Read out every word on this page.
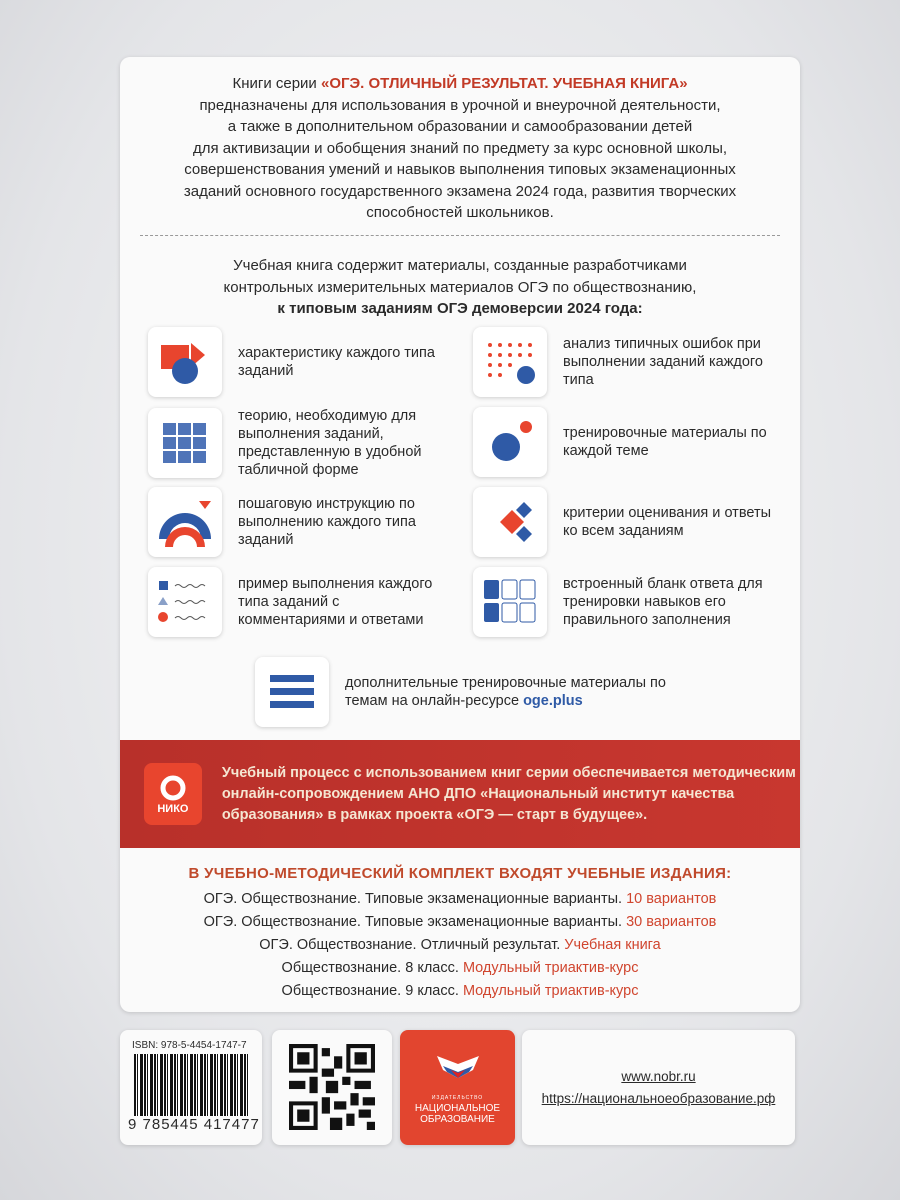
Книги серии «ОГЭ. ОТЛИЧНЫЙ РЕЗУЛЬТАТ. УЧЕБНАЯ КНИГА»
предназначены для использования в урочной и внеурочной деятельности,
а также в дополнительном образовании и самообразовании детей
для активизации и обобщения знаний по предмету за курс основной школы,
совершенствования умений и навыков выполнения типовых экзаменационных
заданий основного государственного экзамена 2024 года, развития творческих
способностей школьников.
Учебная книга содержит материалы, созданные разработчиками
контрольных измерительных материалов ОГЭ по обществознанию,
к типовым заданиям ОГЭ демоверсии 2024 года:
характеристику каждого типа заданий
анализ типичных ошибок при выполнении заданий каждого типа
теорию, необходимую для выполнения заданий, представленную в удобной табличной форме
тренировочные материалы по каждой теме
пошаговую инструкцию по выполнению каждого типа заданий
критерии оценивания и ответы ко всем заданиям
пример выполнения каждого типа заданий с комментариями и ответами
встроенный бланк ответа для тренировки навыков его правильного заполнения
дополнительные тренировочные материалы по темам на онлайн-ресурсе oge.plus
НИКО
Учебный процесс с использованием книг серии обеспечивается методическим онлайн-сопровождением АНО ДПО «Национальный институт качества образования» в рамках проекта «ОГЭ — старт в будущее».
В УЧЕБНО-МЕТОДИЧЕСКИЙ КОМПЛЕКТ ВХОДЯТ УЧЕБНЫЕ ИЗДАНИЯ:
ОГЭ. Обществознание. Типовые экзаменационные варианты. 10 вариантов
ОГЭ. Обществознание. Типовые экзаменационные варианты. 30 вариантов
ОГЭ. Обществознание. Отличный результат. Учебная книга
Обществознание. 8 класс. Модульный триактив-курс
Обществознание. 9 класс. Модульный триактив-курс
ISBN: 978-5-4454-1747-7
9 785445 417477
ИЗДАТЕЛЬСТВО
НАЦИОНАЛЬНОЕ
ОБРАЗОВАНИЕ
www.nobr.ru
https://национальноеобразование.рф
